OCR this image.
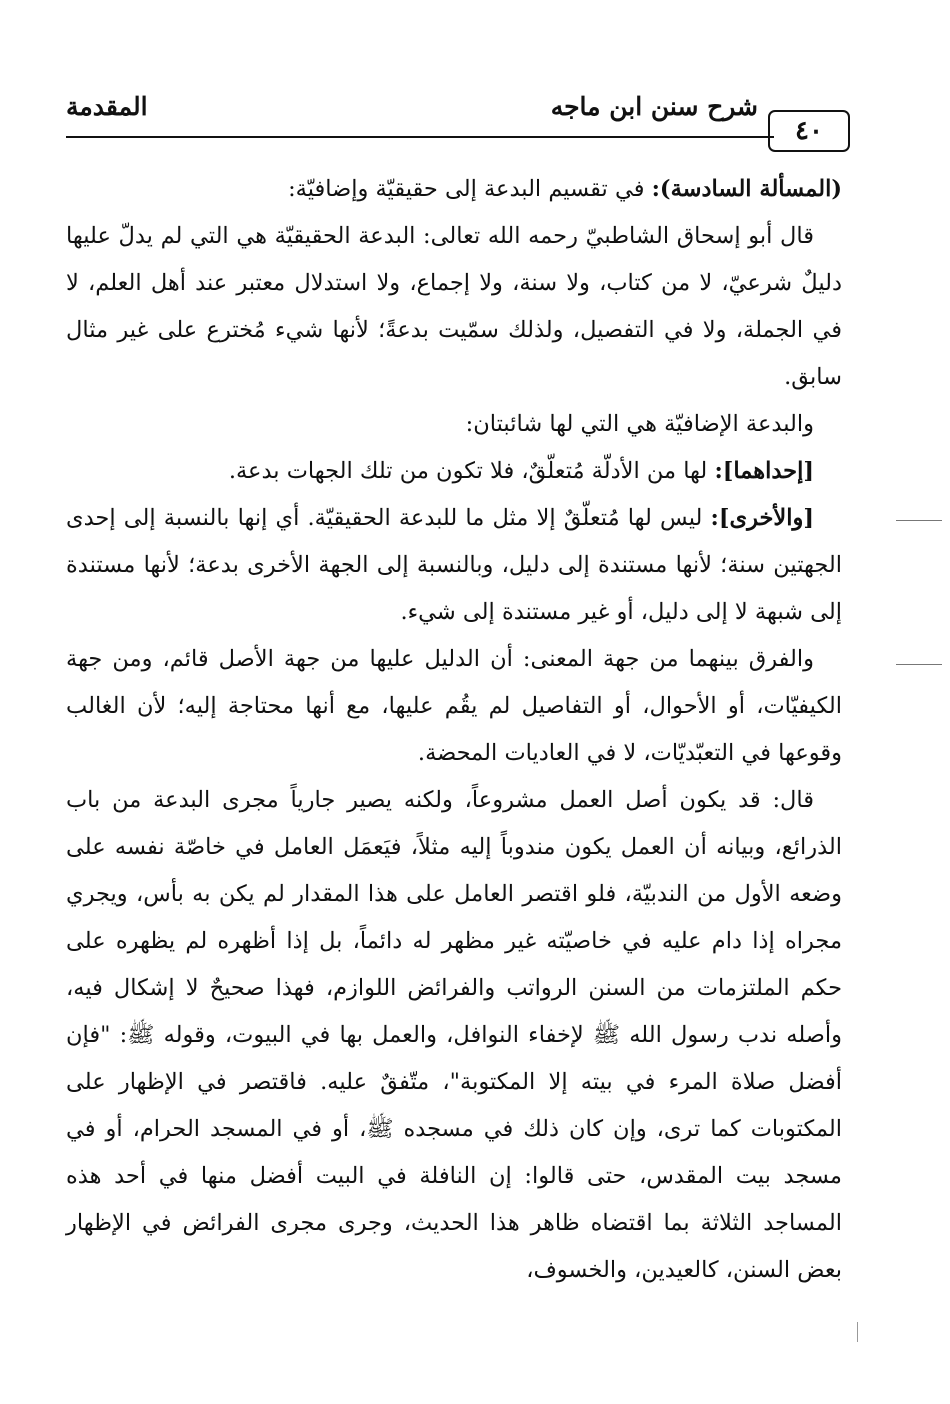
شرح سنن ابن ماجه
المقدمة
٤٠

(المسألة السادسة): في تقسيم البدعة إلى حقيقيّة وإضافيّة:

قال أبو إسحاق الشاطبيّ رحمه الله تعالى: البدعة الحقيقيّة هي التي لم يدلّ عليها دليلٌ شرعيّ، لا من كتاب، ولا سنة، ولا إجماع، ولا استدلال معتبر عند أهل العلم، لا في الجملة، ولا في التفصيل، ولذلك سمّيت بدعةً؛ لأنها شيء مُخترع على غير مثال سابق.

والبدعة الإضافيّة هي التي لها شائبتان:

[إحداهما]: لها من الأدلّة مُتعلّقٌ، فلا تكون من تلك الجهات بدعة.

[والأخرى]: ليس لها مُتعلّقٌ إلا مثل ما للبدعة الحقيقيّة. أي إنها بالنسبة إلى إحدى الجهتين سنة؛ لأنها مستندة إلى دليل، وبالنسبة إلى الجهة الأخرى بدعة؛ لأنها مستندة إلى شبهة لا إلى دليل، أو غير مستندة إلى شيء.

والفرق بينهما من جهة المعنى: أن الدليل عليها من جهة الأصل قائم، ومن جهة الكيفيّات، أو الأحوال، أو التفاصيل لم يقُم عليها، مع أنها محتاجة إليه؛ لأن الغالب وقوعها في التعبّديّات، لا في العاديات المحضة.

قال: قد يكون أصل العمل مشروعاً، ولكنه يصير جارياً مجرى البدعة من باب الذرائع، وبيانه أن العمل يكون مندوباً إليه مثلاً، فيَعمَل العامل في خاصّة نفسه على وضعه الأول من الندبيّة، فلو اقتصر العامل على هذا المقدار لم يكن به بأس، ويجري مجراه إذا دام عليه في خاصيّته غير مظهر له دائماً، بل إذا أظهره لم يظهره على حكم الملتزمات من السنن الرواتب والفرائض اللوازم، فهذا صحيحٌ لا إشكال فيه، وأصله ندب رسول الله ﷺ لإخفاء النوافل، والعمل بها في البيوت، وقوله ﷺ: "فإن أفضل صلاة المرء في بيته إلا المكتوبة"، متّفقٌ عليه. فاقتصر في الإظهار على المكتوبات كما ترى، وإن كان ذلك في مسجده ﷺ، أو في المسجد الحرام، أو في مسجد بيت المقدس، حتى قالوا: إن النافلة في البيت أفضل منها في أحد هذه المساجد الثلاثة بما اقتضاه ظاهر هذا الحديث، وجرى مجرى الفرائض في الإظهار بعض السنن، كالعيدين، والخسوف،
